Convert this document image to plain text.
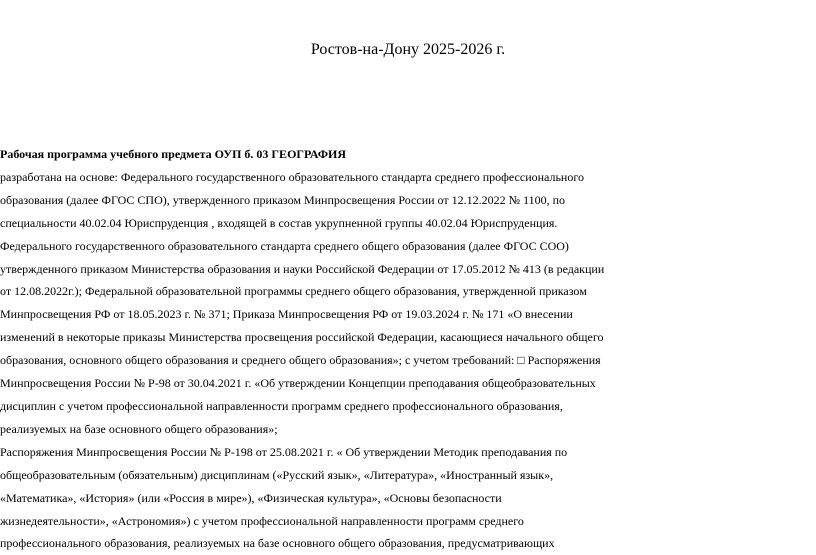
Ростов-на-Дону 2025-2026 г.
Рабочая программа учебного предмета ОУП б. 03 ГЕОГРАФИЯ
разработана на основе: Федерального государственного образовательного стандарта среднего профессионального
образования (далее ФГОС СПО), утвержденного приказом Минпросвещения России от 12.12.2022 № 1100, по
специальности 40.02.04 Юриспруденция , входящей в состав укрупненной группы 40.02.04 Юриспруденция.
Федерального государственного образовательного стандарта среднего общего образования (далее ФГОС СОО)
утвержденного приказом Министерства образования и науки Российской Федерации от 17.05.2012 № 413 (в редакции
от 12.08.2022г.); Федеральной образовательной программы среднего общего образования, утвержденной приказом
Минпросвещения РФ от 18.05.2023 г. № 371; Приказа Минпросвещения РФ от 19.03.2024 г. № 171 «О внесении
изменений в некоторые приказы Министерства просвещения российской Федерации, касающиеся начального общего
образования, основного общего образования и среднего общего образования»; с учетом требований: □ Распоряжения
Минпросвещения России № Р-98 от 30.04.2021 г. «Об утверждении Концепции преподавания общеобразовательных
дисциплин с учетом профессиональной направленности программ среднего профессионального образования,
реализуемых на базе основного общего образования»;
Распоряжения Минпросвещения России № Р-198 от 25.08.2021 г. « Об утверждении Методик преподавания по
общеобразовательным (обязательным) дисциплинам («Русский язык», «Литература», «Иностранный язык»,
«Математика», «История» (или «Россия в мире»), «Физическая культура», «Основы безопасности
жизнедеятельности», «Астрономия») с учетом профессиональной направленности программ среднего
профессионального образования, реализуемых на базе основного общего образования, предусматривающих
